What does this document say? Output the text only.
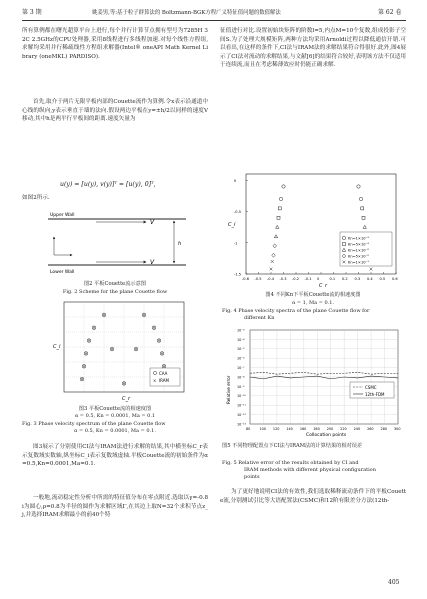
第 3 期	姚姜男,等:基于粒子群算法的 Boltzmann-BGK方程广义特征值问题的数值解法	第 62 卷
所有算例都在曙光超算平台上进行,每个并行计算节点拥有型号为7285H 32C 2.5GHz的CPU处理器,采用8线程进行多线程加速.对每个线性方程组,求解均采用并行稀疏线性方程组求解器(Intel® oneAPI Math Kernel Library (oneMKL) PARDISO).
首先,取介于两片无限平板内部的Couette流作为算例.令x表示沿通道中心线的纵向,y表示垂直于墙的法向.假设两边平板在y=±h/2以同样的速度V移动,其中h是两平行平板间的距离.速度矢量为
u(y) = [u(y), v(y)]ᵀ = [u(y), 0]ᵀ,
如图2所示.
Upper Wall
Lower Wall
V
V
h
图2 平板Couette流示意图
Fig. 2 Scheme for the plane Couette flow
C_i
C_r
CAA
× IRAM
图3 平板Couette流的相速度图
α = 0.5, Kn = 0.0001, Ma = 0.1
Fig. 3 Phase velocity spectrum of the plane Couette flow
α = 0.5, Kn = 0.0001, Ma = 0.1.
图3展示了分别使用CI法与IRAM法进行求解的结果,其中横坐标C_r表示复数域实数轴,纵坐标C_i表示复数域虚轴.平板Couette流的初始条件为α=0.5,Kn=0.0001,Ma=0.1.
一般地,流动稳定性分析中所需的特征值分布在零点附近.选取以γ=-0.8i为圆心,ρ=0.8为半径的圆作为求解区域Γ,在其边上取N=32个求积节点z_j,并选择IRAM求解最小的前40个特
征值进行对比.设置初始块矩阵的阶数l=5,内点M=10个复数,组成投影子空间S.为了处理大规模矩阵,两种方法均采用Arnoldi过程以降低通信开销.可以看出,在这样的条件下,CI法与IRAM法的求解结果符合得很好.此外,图4展示了CI法对流动的求解结果,与文献[6]的结果符合较好,表明该方法不仅适用于连续流,而且在考虑稀薄效应时仍能正确求解.
-0.6 -0.5 -0.4 -0.3 -0.2 -0.1 0	0.1 0.2 0.3 0.4 0.5 0.6
0
-0.5
-1
-1.5
C_i
C_r
Kn=1×10⁻³
Kn=5×10⁻³
Kn=1×10⁻²
Kn=5×10⁻²
Kn=1×10⁻¹
图4 不同Kn下平板Couette流的相速度图
α = 1, Ma = 0.1.
Fig. 4 Phase velocity spectra of the plane Couette flow for
different Kn
10⁻³
10⁻⁴
10⁻⁵
10⁻⁶
10⁻⁷
10⁻⁸
10⁻⁹
10⁻¹⁰
10⁻¹¹
10⁻¹²
10⁻¹³
80	100 120 140 160 180 200 220 240 260 280 300
Relative error
Collocation points
CSMC
12th-FDM
图5 不同物理配置点下CI法与IRAM法的计算结果的相对误差
Fig. 5 Relative error of the results obtained by CI and
IRAM methods with different physical configuration
points
为了更好地说明CI法的有效性,我们选取稀释流动条件下的平板Couette流,分别测试引比等大语配置法(CSMC)和12阶有限差分方法(12th-
405
